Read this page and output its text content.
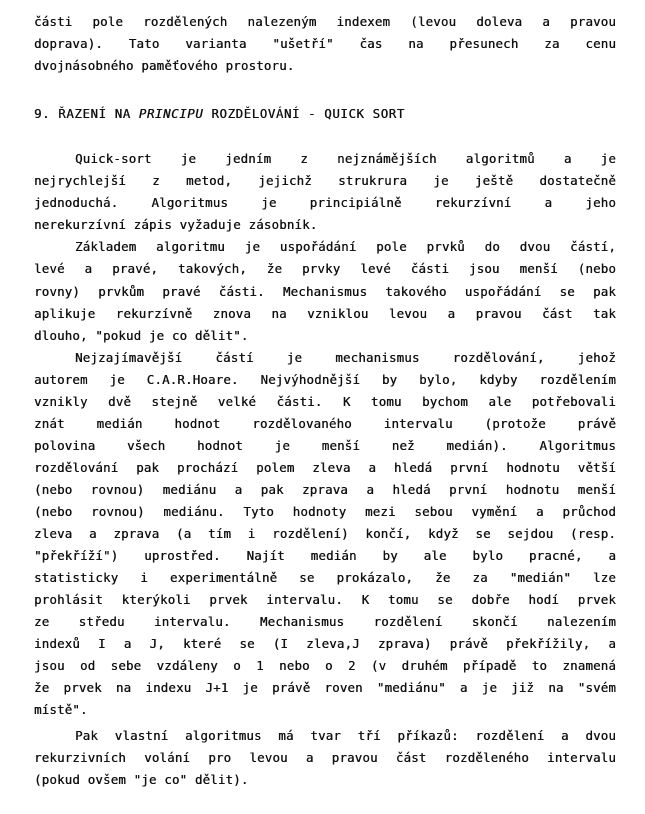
části pole rozdělených nalezeným indexem (levou doleva a pravou
doprava). Tato varianta "ušetří" čas na přesunech za cenu
dvojnásobného paměťového prostoru.
9. ŘAZENÍ NA PRINCIPU ROZDĚLOVÁNÍ - QUICK SORT
Quick-sort je jedním z nejznámějších algoritmů a je
nejrychlejší z metod, jejichž strukrura je ještě dostatečně
jednoduchá. Algoritmus je principiálně rekurzívní a jeho
nerekurzívní zápis vyžaduje zásobník.
Základem algoritmu je uspořádání pole prvků do dvou částí,
levé a pravé, takových, že prvky levé části jsou menší (nebo
rovny) prvkům pravé části. Mechanismus takového uspořádání se pak
aplikuje rekurzívně znova na vzniklou levou a pravou část tak
dlouho, "pokud je co dělit".
Nejzajímavější částí je mechanismus rozdělování, jehož
autorem je C.A.R.Hoare. Nejvýhodnější by bylo, kdyby rozdělením
vznikly dvě stejně velké části. K tomu bychom ale potřebovali
znát medián hodnot rozdělovaného intervalu (protože právě
polovina všech hodnot je menší než medián). Algoritmus
rozdělování pak prochází polem zleva a hledá první hodnotu větší
(nebo rovnou) mediánu a pak zprava a hledá první hodnotu menší
(nebo rovnou) mediánu. Tyto hodnoty mezi sebou vymění a průchod
zleva a zprava (a tím i rozdělení) končí, když se sejdou (resp.
"překříží") uprostřed. Najít medián by ale bylo pracné, a
statisticky i experimentálně se prokázalo, že za "medián" lze
prohlásit kterýkoli prvek intervalu. K tomu se dobře hodí prvek
ze středu intervalu. Mechanismus rozdělení skončí nalezením
indexů I a J, které se (I zleva,J zprava) právě překřížily, a
jsou od sebe vzdáleny o 1 nebo o 2 (v druhém případě to znamená
že prvek na indexu J+1 je právě roven "mediánu" a je již na "svém
místě".
Pak vlastní algoritmus má tvar tří příkazů: rozdělení a dvou
rekurzivních volání pro levou a pravou část rozděleného intervalu
(pokud ovšem "je co" dělit).
